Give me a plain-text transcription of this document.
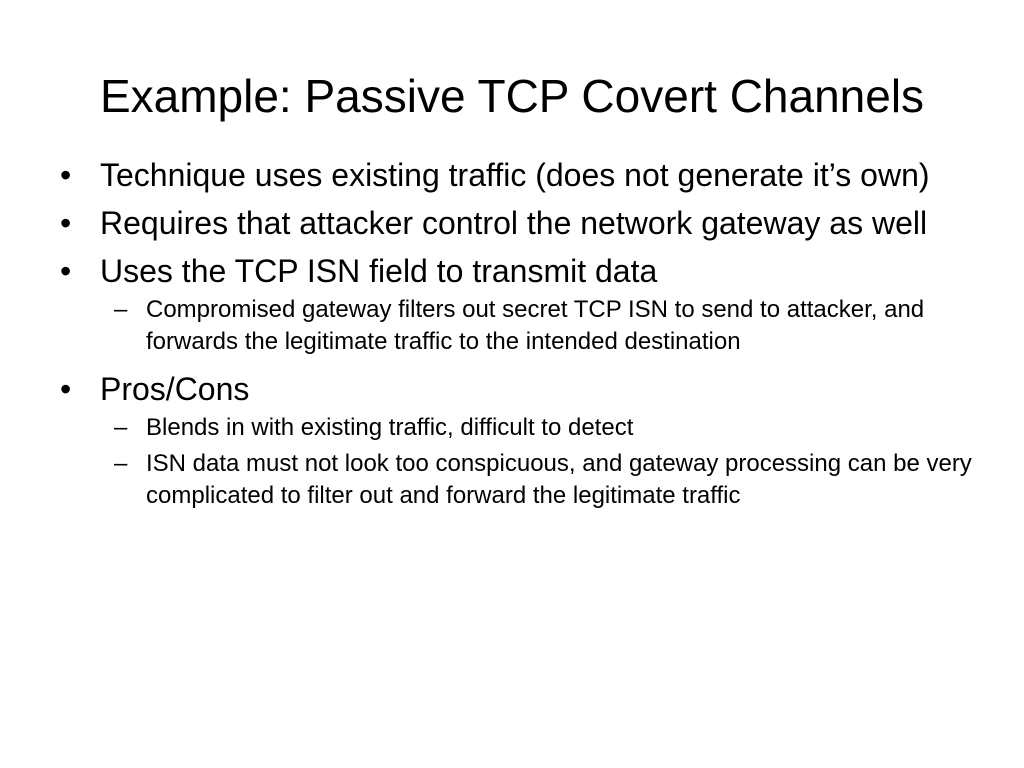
Example: Passive TCP Covert Channels
• Technique uses existing traffic (does not generate it’s own)
• Requires that attacker control the network gateway as well
• Uses the TCP ISN field to transmit data
– Compromised gateway filters out secret TCP ISN to send to attacker, and forwards the legitimate traffic to the intended destination
• Pros/Cons
– Blends in with existing traffic, difficult to detect
– ISN data must not look too conspicuous, and gateway processing can be very complicated to filter out and forward the legitimate traffic
